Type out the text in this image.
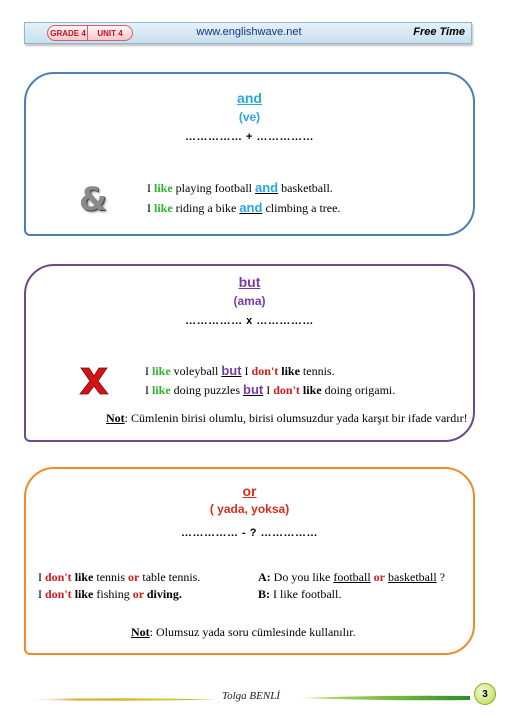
GRADE 4	UNIT 4	www.englishwave.net	Free Time
and
(ve)
…………… + ……………
&	I like playing football and basketball.
I like riding a bike and climbing a tree.
but
(ama)
…………… x ……………
I like voleyball but I don't like tennis.
I like doing puzzles but I don't like doing origami.
Not: Cümlenin birisi olumlu, birisi olumsuzdur yada karşıt bir ifade vardır!
or
( yada, yoksa)
…………… - ? ……………
I don't like tennis or table tennis.
I don't like fishing or diving.
A: Do you like football or basketball ?
B: I like football.
Not: Olumsuz yada soru cümlesinde kullanılır.
Tolga BENLİ	3
